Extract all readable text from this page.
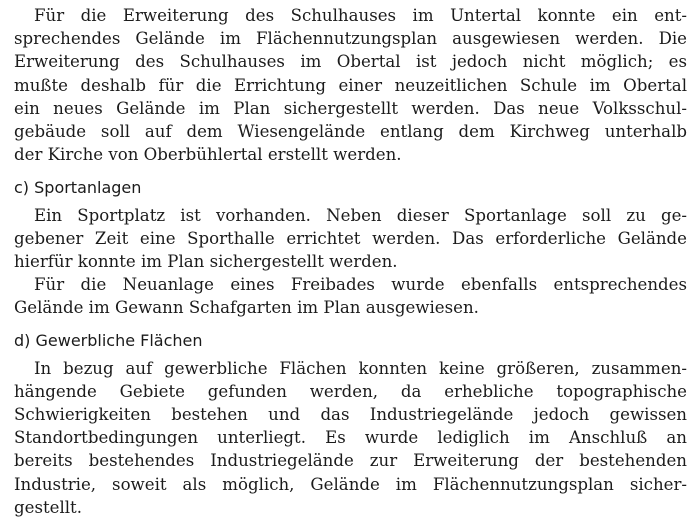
Für die Erweiterung des Schulhauses im Untertal konnte ein ent-
sprechendes Gelände im Flächennutzungsplan ausgewiesen werden. Die
Erweiterung des Schulhauses im Obertal ist jedoch nicht möglich; es
mußte deshalb für die Errichtung einer neuzeitlichen Schule im Obertal
ein neues Gelände im Plan sichergestellt werden. Das neue Volksschul-
gebäude soll auf dem Wiesengelände entlang dem Kirchweg unterhalb
der Kirche von Oberbühlertal erstellt werden.
c) Sportanlagen
Ein Sportplatz ist vorhanden. Neben dieser Sportanlage soll zu ge-
gebener Zeit eine Sporthalle errichtet werden. Das erforderliche Gelände
hierfür konnte im Plan sichergestellt werden.
Für die Neuanlage eines Freibades wurde ebenfalls entsprechendes
Gelände im Gewann Schafgarten im Plan ausgewiesen.
d) Gewerbliche Flächen
In bezug auf gewerbliche Flächen konnten keine größeren, zusammen-
hängende Gebiete gefunden werden, da erhebliche topographische
Schwierigkeiten bestehen und das Industriegelände jedoch gewissen
Standortbedingungen unterliegt. Es wurde lediglich im Anschluß an
bereits bestehendes Industriegelände zur Erweiterung der bestehenden
Industrie, soweit als möglich, Gelände im Flächennutzungsplan sicher-
gestellt.
